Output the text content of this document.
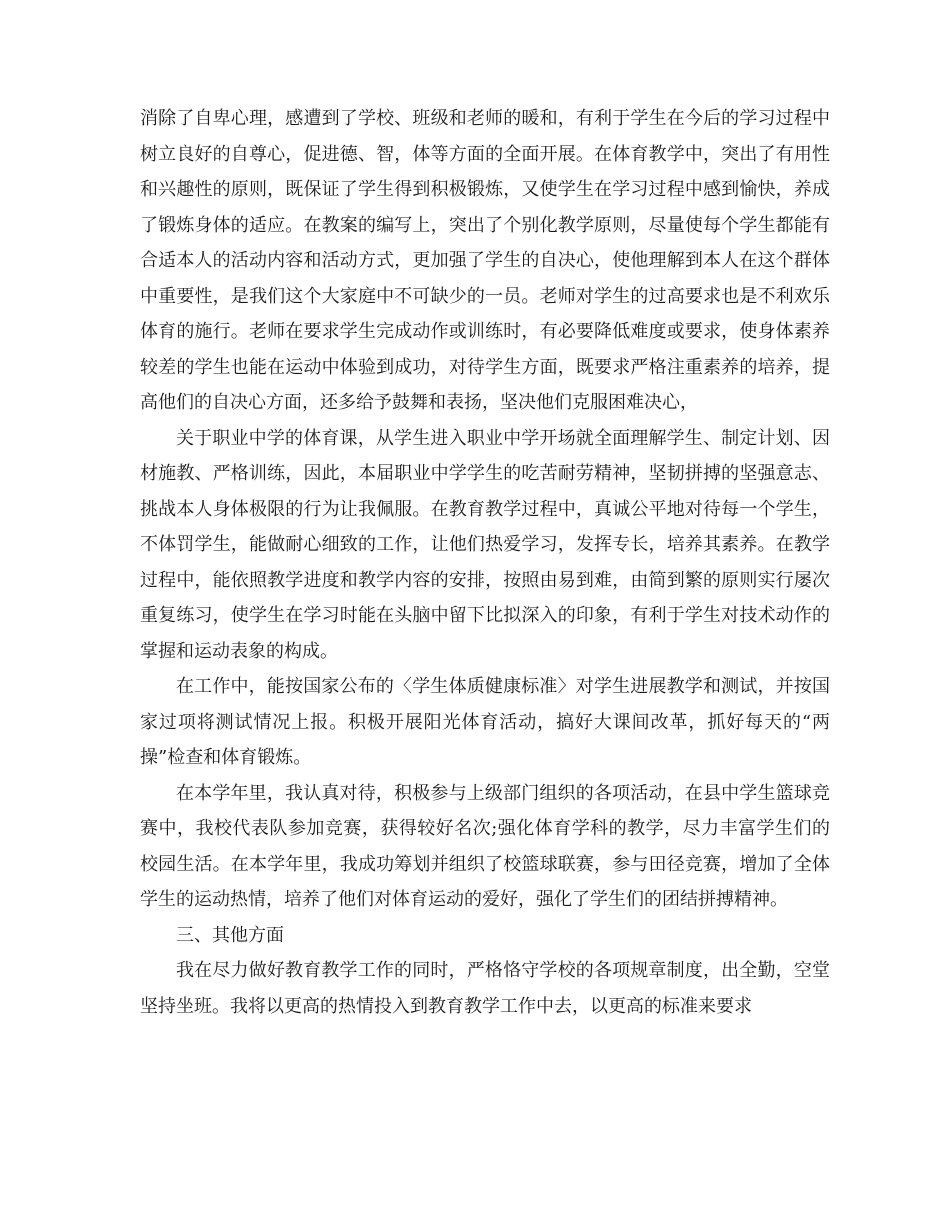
消除了自卑心理，感遭到了学校、班级和老师的暖和，有利于学生在今后的学习过程中树立良好的自尊心，促进德、智，体等方面的全面开展。在体育教学中，突出了有用性和兴趣性的原则，既保证了学生得到积极锻炼，又使学生在学习过程中感到愉快，养成了锻炼身体的适应。在教案的编写上，突出了个别化教学原则，尽量使每个学生都能有合适本人的活动内容和活动方式，更加强了学生的自决心，使他理解到本人在这个群体中重要性，是我们这个大家庭中不可缺少的一员。老师对学生的过高要求也是不利欢乐体育的施行。老师在要求学生完成动作或训练时，有必要降低难度或要求，使身体素养较差的学生也能在运动中体验到成功，对待学生方面，既要求严格注重素养的培养，提高他们的自决心方面，还多给予鼓舞和表扬，坚决他们克服困难决心，

关于职业中学的体育课，从学生进入职业中学开场就全面理解学生、制定计划、因材施教、严格训练，因此，本届职业中学学生的吃苦耐劳精神，坚韧拼搏的坚强意志、挑战本人身体极限的行为让我佩服。在教育教学过程中，真诚公平地对待每一个学生，不体罚学生，能做耐心细致的工作，让他们热爱学习，发挥专长，培养其素养。在教学过程中，能依照教学进度和教学内容的安排，按照由易到难，由简到繁的原则实行屡次重复练习，使学生在学习时能在头脑中留下比拟深入的印象，有利于学生对技术动作的掌握和运动表象的构成。

在工作中，能按国家公布的〈学生体质健康标准〉对学生进展教学和测试，并按国家过项将测试情况上报。积极开展阳光体育活动，搞好大课间改革，抓好每天的“两操”检查和体育锻炼。

在本学年里，我认真对待，积极参与上级部门组织的各项活动，在县中学生篮球竞赛中，我校代表队参加竞赛，获得较好名次;强化体育学科的教学，尽力丰富学生们的校园生活。在本学年里，我成功筹划并组织了校篮球联赛，参与田径竞赛，增加了全体学生的运动热情，培养了他们对体育运动的爱好，强化了学生们的团结拼搏精神。

三、其他方面

我在尽力做好教育教学工作的同时，严格恪守学校的各项规章制度，出全勤，空堂坚持坐班。我将以更高的热情投入到教育教学工作中去，以更高的标准来要求
